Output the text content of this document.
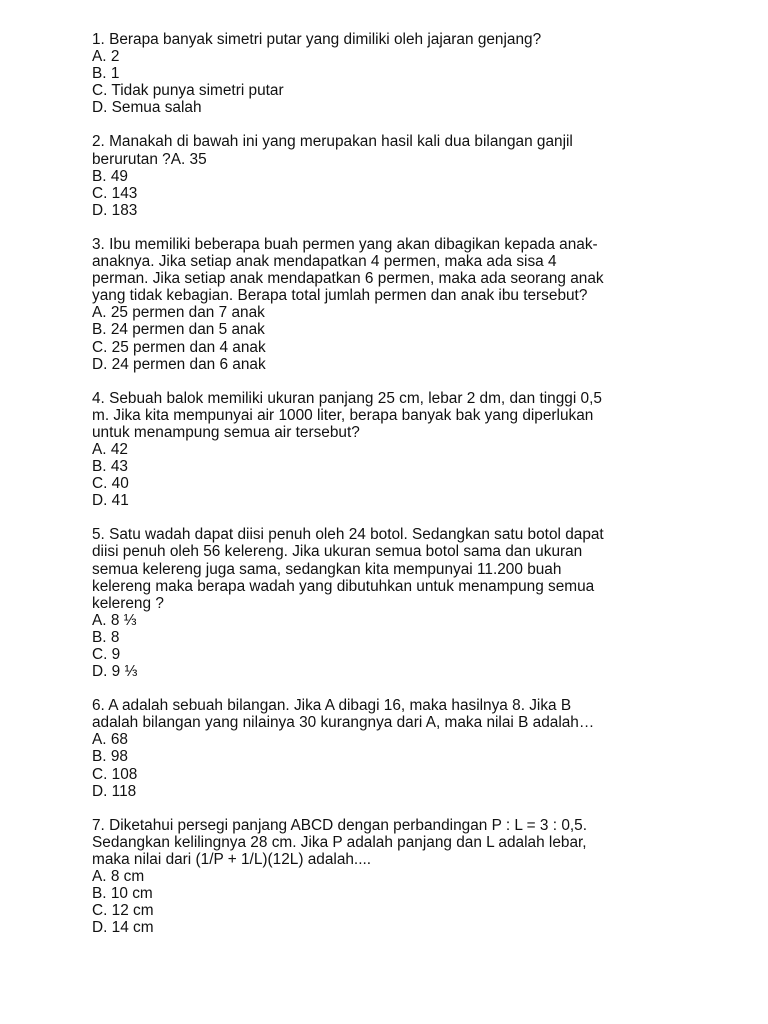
1. Berapa banyak simetri putar yang dimiliki oleh jajaran genjang?
A. 2
B. 1
C. Tidak punya simetri putar
D. Semua salah
2. Manakah di bawah ini yang merupakan hasil kali dua bilangan ganjil
berurutan ?A. 35
B. 49
C. 143
D. 183
3. Ibu memiliki beberapa buah permen yang akan dibagikan kepada anak-
anaknya. Jika setiap anak mendapatkan 4 permen, maka ada sisa 4
perman. Jika setiap anak mendapatkan 6 permen, maka ada seorang anak
yang tidak kebagian. Berapa total jumlah permen dan anak ibu tersebut?
A. 25 permen dan 7 anak
B. 24 permen dan 5 anak
C. 25 permen dan 4 anak
D. 24 permen dan 6 anak
4. Sebuah balok memiliki ukuran panjang 25 cm, lebar 2 dm, dan tinggi 0,5
m. Jika kita mempunyai air 1000 liter, berapa banyak bak yang diperlukan
untuk menampung semua air tersebut?
A. 42
B. 43
C. 40
D. 41
5. Satu wadah dapat diisi penuh oleh 24 botol. Sedangkan satu botol dapat
diisi penuh oleh 56 kelereng. Jika ukuran semua botol sama dan ukuran
semua kelereng juga sama, sedangkan kita mempunyai 11.200 buah
kelereng maka berapa wadah yang dibutuhkan untuk menampung semua
kelereng ?
A. 8 ⅓
B. 8
C. 9
D. 9 ⅓
6. A adalah sebuah bilangan. Jika A dibagi 16, maka hasilnya 8. Jika B
adalah bilangan yang nilainya 30 kurangnya dari A, maka nilai B adalah…
A. 68
B. 98
C. 108
D. 118
7. Diketahui persegi panjang ABCD dengan perbandingan P : L = 3 : 0,5.
Sedangkan kelilingnya 28 cm. Jika P adalah panjang dan L adalah lebar,
maka nilai dari (1/P + 1/L)(12L) adalah....
A. 8 cm
B. 10 cm
C. 12 cm
D. 14 cm
